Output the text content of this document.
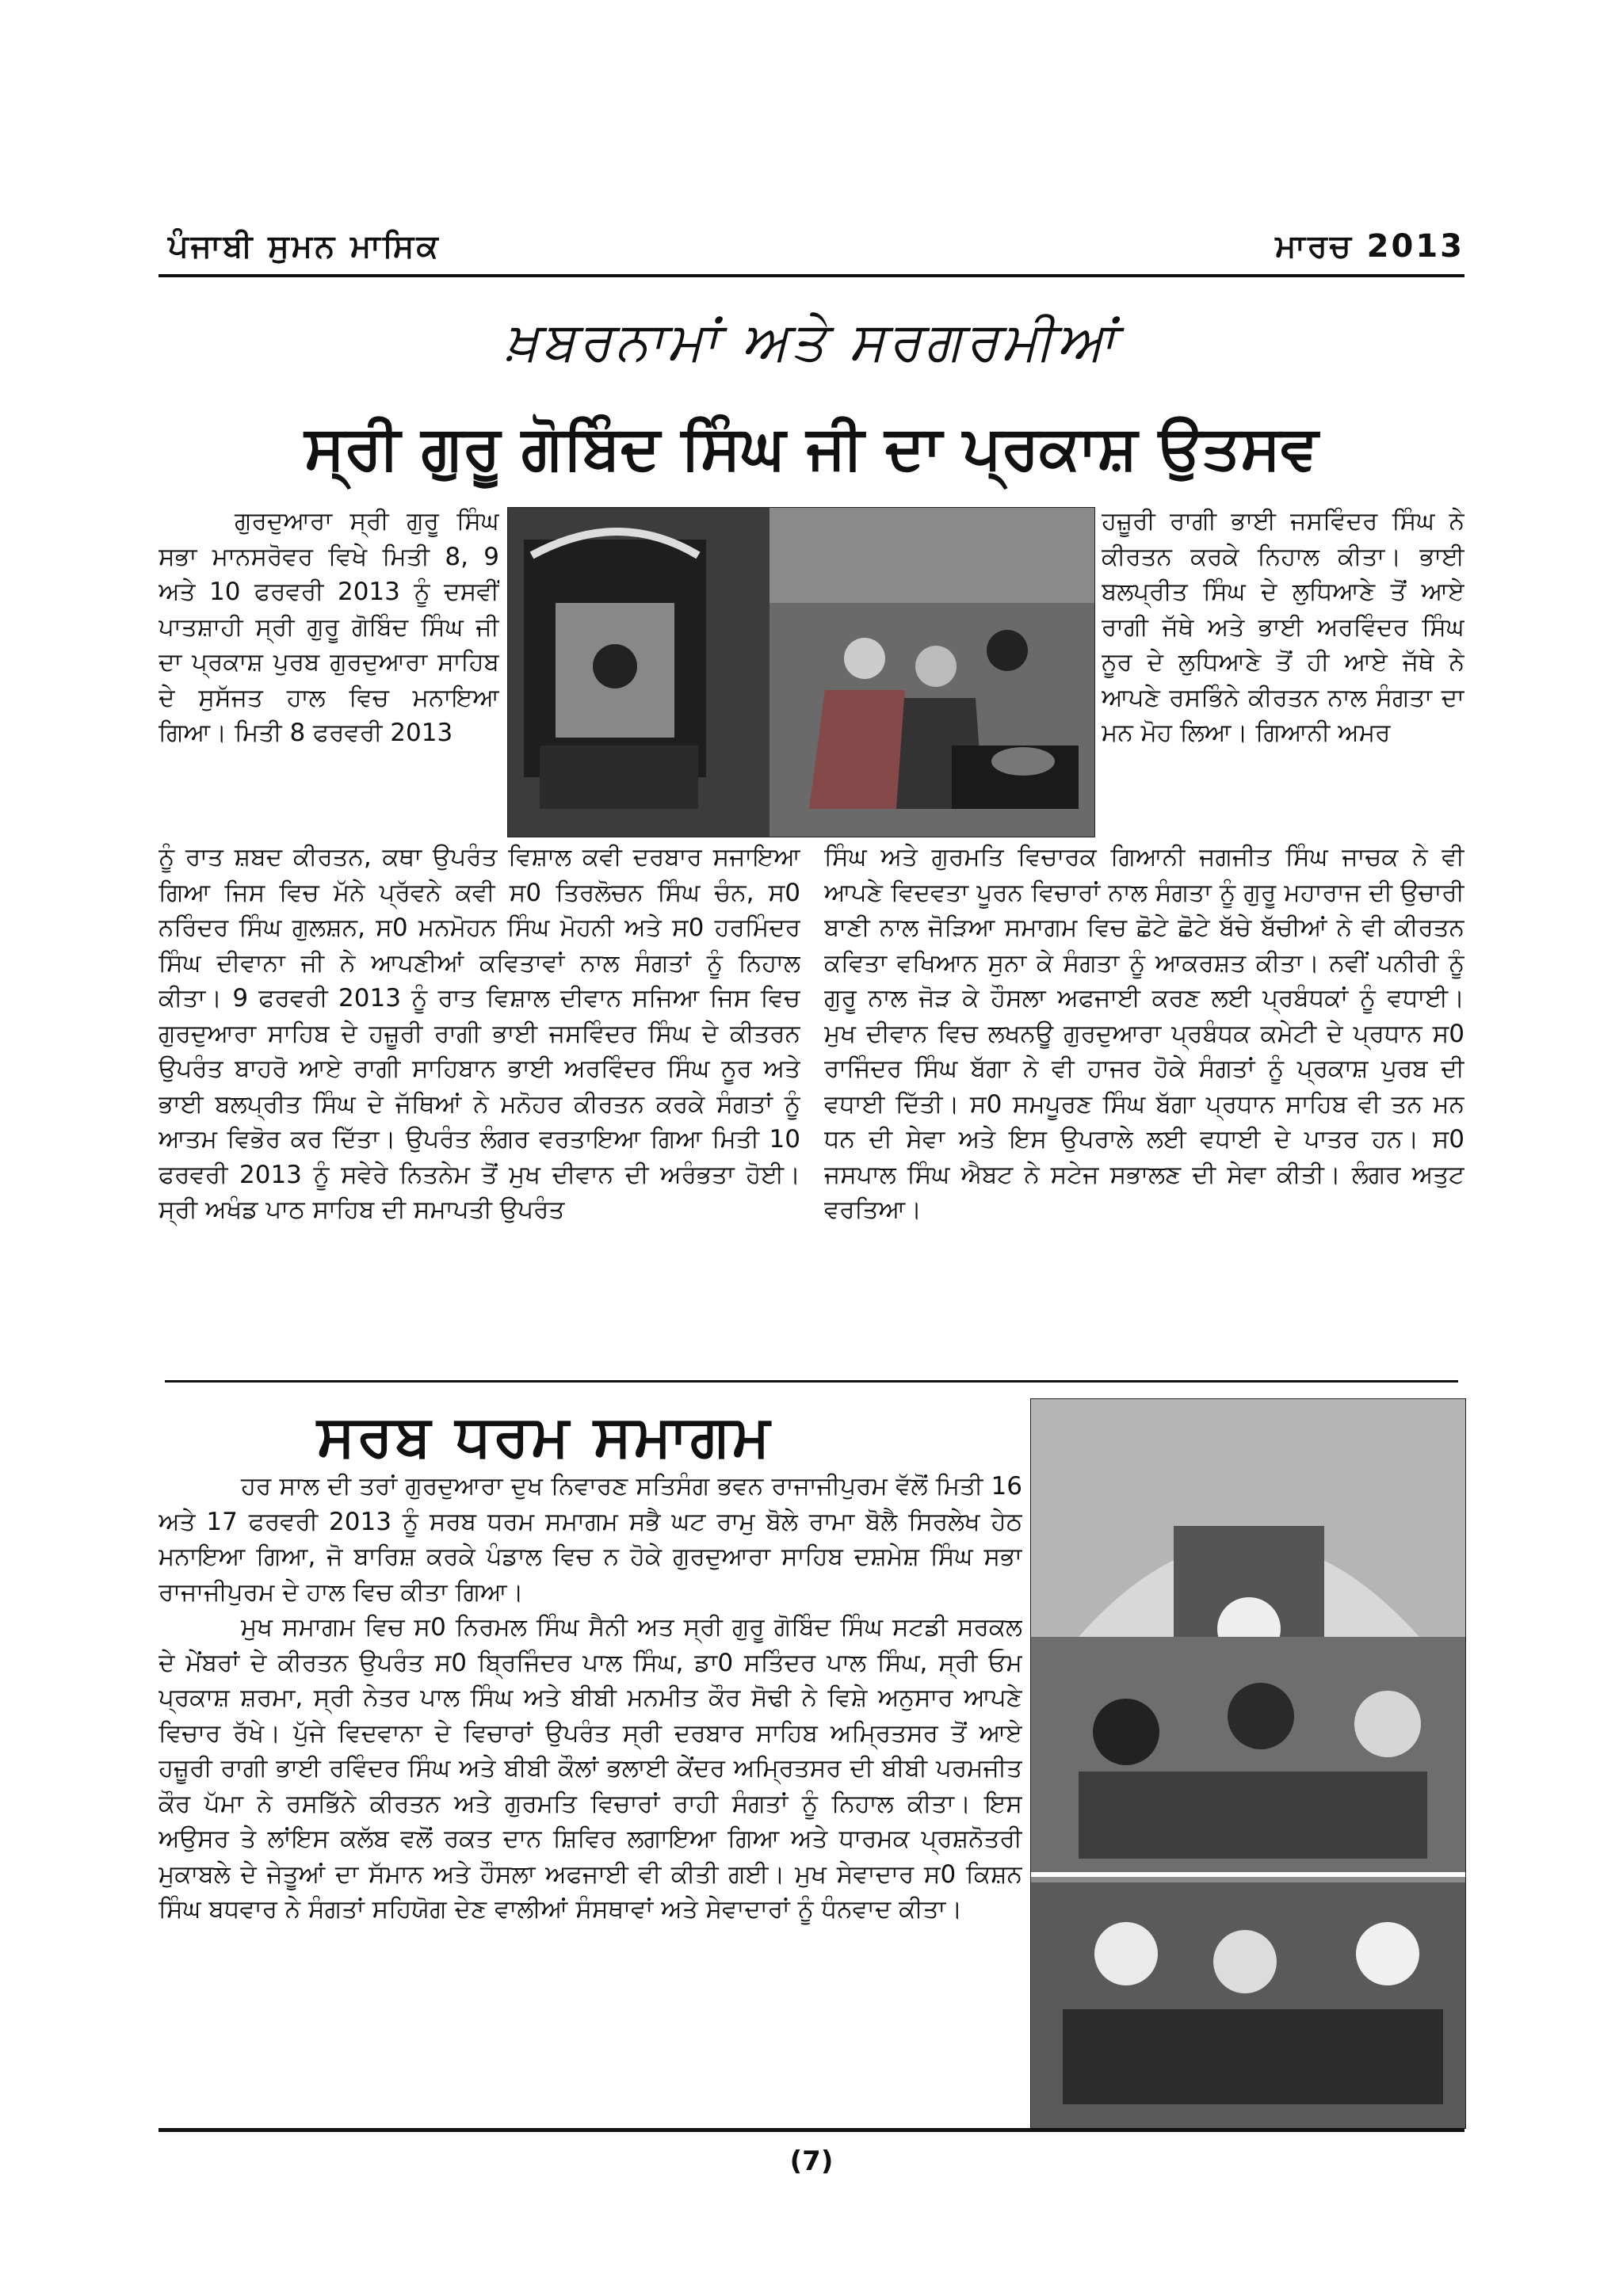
ਪੰਜਾਬੀ ਸੁਮਨ ਮਾਸਿਕ	ਮਾਰਚ 2013
ਖ਼ਬਰਨਾਮਾਂ ਅਤੇ ਸਰਗਰਮੀਆਂ
ਸ੍ਰੀ ਗੁਰੂ ਗੋਬਿੰਦ ਸਿੰਘ ਜੀ ਦਾ ਪ੍ਰਕਾਸ਼ ਉਤਸਵ

ਗੁਰਦੁਆਰਾ ਸ੍ਰੀ ਗੁਰੂ ਸਿੰਘ ਸਭਾ ਮਾਨਸਰੋਵਰ ਵਿਖੇ ਮਿਤੀ 8, 9 ਅਤੇ 10 ਫਰਵਰੀ 2013 ਨੂੰ ਦਸਵੀਂ ਪਾਤਸ਼ਾਹੀ ਸ੍ਰੀ ਗੁਰੂ ਗੋਬਿੰਦ ਸਿੰਘ ਜੀ ਦਾ ਪ੍ਰਕਾਸ਼ ਪੁਰਬ ਗੁਰਦੁਆਰਾ ਸਾਹਿਬ ਦੇ ਸੁਸੱਜਤ ਹਾਲ ਵਿਚ ਮਨਾਇਆ ਗਿਆ। ਮਿਤੀ 8 ਫਰਵਰੀ 2013

ਹਜ਼ੂਰੀ ਰਾਗੀ ਭਾਈ ਜਸਵਿੰਦਰ ਸਿੰਘ ਨੇ ਕੀਰਤਨ ਕਰਕੇ ਨਿਹਾਲ ਕੀਤਾ। ਭਾਈ ਬਲਪ੍ਰੀਤ ਸਿੰਘ ਦੇ ਲੁਧਿਆਣੇ ਤੋਂ ਆਏ ਰਾਗੀ ਜੱਥੇ ਅਤੇ ਭਾਈ ਅਰਵਿੰਦਰ ਸਿੰਘ ਨੂਰ ਦੇ ਲੁਧਿਆਣੇ ਤੋਂ ਹੀ ਆਏ ਜੱਥੇ ਨੇ ਆਪਣੇ ਰਸਭਿੰਨੇ ਕੀਰਤਨ ਨਾਲ ਸੰਗਤਾ ਦਾ ਮਨ ਮੋਹ ਲਿਆ। ਗਿਆਨੀ ਅਮਰ

ਨੂੰ ਰਾਤ ਸ਼ਬਦ ਕੀਰਤਨ, ਕਥਾ ਉਪਰੰਤ ਵਿਸ਼ਾਲ ਕਵੀ ਦਰਬਾਰ ਸਜਾਇਆ ਗਿਆ ਜਿਸ ਵਿਚ ਮੱਨੇ ਪ੍ਰੱਵਨੇ ਕਵੀ ਸ0 ਤਿਰਲੋਚਨ ਸਿੰਘ ਚੰਨ, ਸ0 ਨਰਿੰਦਰ ਸਿੰਘ ਗੁਲਸ਼ਨ, ਸ0 ਮਨਮੋਹਨ ਸਿੰਘ ਮੋਹਨੀ ਅਤੇ ਸ0 ਹਰਮਿੰਦਰ ਸਿੰਘ ਦੀਵਾਨਾ ਜੀ ਨੇ ਆਪਣੀਆਂ ਕਵਿਤਾਵਾਂ ਨਾਲ ਸੰਗਤਾਂ ਨੂੰ ਨਿਹਾਲ ਕੀਤਾ। 9 ਫਰਵਰੀ 2013 ਨੂੰ ਰਾਤ ਵਿਸ਼ਾਲ ਦੀਵਾਨ ਸਜਿਆ ਜਿਸ ਵਿਚ ਗੁਰਦੁਆਰਾ ਸਾਹਿਬ ਦੇ ਹਜ਼ੂਰੀ ਰਾਗੀ ਭਾਈ ਜਸਵਿੰਦਰ ਸਿੰਘ ਦੇ ਕੀਤਰਨ ਉਪਰੰਤ ਬਾਹਰੋ ਆਏ ਰਾਗੀ ਸਾਹਿਬਾਨ ਭਾਈ ਅਰਵਿੰਦਰ ਸਿੰਘ ਨੂਰ ਅਤੇ ਭਾਈ ਬਲਪ੍ਰੀਤ ਸਿੰਘ ਦੇ ਜੱਥਿਆਂ ਨੇ ਮਨੋਹਰ ਕੀਰਤਨ ਕਰਕੇ ਸੰਗਤਾਂ ਨੂੰ ਆਤਮ ਵਿਭੋਰ ਕਰ ਦਿੱਤਾ। ਉਪਰੰਤ ਲੰਗਰ ਵਰਤਾਇਆ ਗਿਆ ਮਿਤੀ 10 ਫਰਵਰੀ 2013 ਨੂੰ ਸਵੇਰੇ ਨਿਤਨੇਮ ਤੋਂ ਮੁਖ ਦੀਵਾਨ ਦੀ ਅਰੰਭਤਾ ਹੋਈ। ਸ੍ਰੀ ਅਖੰਡ ਪਾਠ ਸਾਹਿਬ ਦੀ ਸਮਾਪਤੀ ਉਪਰੰਤ

ਸਿੰਘ ਅਤੇ ਗੁਰਮਤਿ ਵਿਚਾਰਕ ਗਿਆਨੀ ਜਗਜੀਤ ਸਿੰਘ ਜਾਚਕ ਨੇ ਵੀ ਆਪਣੇ ਵਿਦਵਤਾ ਪੂਰਨ ਵਿਚਾਰਾਂ ਨਾਲ ਸੰਗਤਾ ਨੂੰ ਗੁਰੂ ਮਹਾਰਾਜ ਦੀ ਉਚਾਰੀ ਬਾਣੀ ਨਾਲ ਜੋੜਿਆ ਸਮਾਗਮ ਵਿਚ ਛੋਟੇ ਛੋਟੇ ਬੱਚੇ ਬੱਚੀਆਂ ਨੇ ਵੀ ਕੀਰਤਨ ਕਵਿਤਾ ਵਖਿਆਨ ਸੁਨਾ ਕੇ ਸੰਗਤਾ ਨੂੰ ਆਕਰਸ਼ਤ ਕੀਤਾ। ਨਵੀਂ ਪਨੀਰੀ ਨੂੰ ਗੁਰੂ ਨਾਲ ਜੋੜ ਕੇ ਹੌਸਲਾ ਅਫਜਾਈ ਕਰਣ ਲਈ ਪ੍ਰਬੰਧਕਾਂ ਨੂੰ ਵਧਾਈ। ਮੁਖ ਦੀਵਾਨ ਵਿਚ ਲਖਨਊ ਗੁਰਦੁਆਰਾ ਪ੍ਰਬੰਧਕ ਕਮੇਟੀ ਦੇ ਪ੍ਰਧਾਨ ਸ0 ਰਾਜਿੰਦਰ ਸਿੰਘ ਬੱਗਾ ਨੇ ਵੀ ਹਾਜਰ ਹੋਕੇ ਸੰਗਤਾਂ ਨੂੰ ਪ੍ਰਕਾਸ਼ ਪੁਰਬ ਦੀ ਵਧਾਈ ਦਿੱਤੀ। ਸ0 ਸਮਪੂਰਣ ਸਿੰਘ ਬੱਗਾ ਪ੍ਰਧਾਨ ਸਾਹਿਬ ਵੀ ਤਨ ਮਨ ਧਨ ਦੀ ਸੇਵਾ ਅਤੇ ਇਸ ਉਪਰਾਲੇ ਲਈ ਵਧਾਈ ਦੇ ਪਾਤਰ ਹਨ। ਸ0 ਜਸਪਾਲ ਸਿੰਘ ਐਬਟ ਨੇ ਸਟੇਜ ਸਭਾਲਣ ਦੀ ਸੇਵਾ ਕੀਤੀ। ਲੰਗਰ ਅਤੁਟ ਵਰਤਿਆ।

ਸਰਬ ਧਰਮ ਸਮਾਗਮ

ਹਰ ਸਾਲ ਦੀ ਤਰਾਂ ਗੁਰਦੁਆਰਾ ਦੁਖ ਨਿਵਾਰਣ ਸਤਿਸੰਗ ਭਵਨ ਰਾਜਾਜੀਪੁਰਮ ਵੱਲੋਂ ਮਿਤੀ 16 ਅਤੇ 17 ਫਰਵਰੀ 2013 ਨੂੰ ਸਰਬ ਧਰਮ ਸਮਾਗਮ ਸਭੈ ਘਟ ਰਾਮੁ ਬੋਲੇ ਰਾਮਾ ਬੋਲੈ ਸਿਰਲੇਖ ਹੇਠ ਮਨਾਇਆ ਗਿਆ, ਜੋ ਬਾਰਿਸ਼ ਕਰਕੇ ਪੰਡਾਲ ਵਿਚ ਨ ਹੋਕੇ ਗੁਰਦੁਆਰਾ ਸਾਹਿਬ ਦਸ਼ਮੇਸ਼ ਸਿੰਘ ਸਭਾ ਰਾਜਾਜੀਪੁਰਮ ਦੇ ਹਾਲ ਵਿਚ ਕੀਤਾ ਗਿਆ।

ਮੁਖ ਸਮਾਗਮ ਵਿਚ ਸ0 ਨਿਰਮਲ ਸਿੰਘ ਸੈਨੀ ਅਤ ਸ੍ਰੀ ਗੁਰੂ ਗੋਬਿੰਦ ਸਿੰਘ ਸਟਡੀ ਸਰਕਲ ਦੇ ਮੇਂਬਰਾਂ ਦੇ ਕੀਰਤਨ ਉਪਰੰਤ ਸ0 ਬ੍ਰਿਜਿੰਦਰ ਪਾਲ ਸਿੰਘ, ਡਾ0 ਸਤਿੰਦਰ ਪਾਲ ਸਿੰਘ, ਸ੍ਰੀ ਓਮ ਪ੍ਰਕਾਸ਼ ਸ਼ਰਮਾ, ਸ੍ਰੀ ਨੇਤਰ ਪਾਲ ਸਿੰਘ ਅਤੇ ਬੀਬੀ ਮਨਮੀਤ ਕੌਰ ਸੋਢੀ ਨੇ ਵਿਸ਼ੇ ਅਨੁਸਾਰ ਆਪਣੇ ਵਿਚਾਰ ਰੱਖੇ। ਪੁੱਜੇ ਵਿਦਵਾਨਾ ਦੇ ਵਿਚਾਰਾਂ ਉਪਰੰਤ ਸ੍ਰੀ ਦਰਬਾਰ ਸਾਹਿਬ ਅਮ੍ਰਿਤਸਰ ਤੋਂ ਆਏ ਹਜ਼ੂਰੀ ਰਾਗੀ ਭਾਈ ਰਵਿੰਦਰ ਸਿੰਘ ਅਤੇ ਬੀਬੀ ਕੌਲਾਂ ਭਲਾਈ ਕੇਂਦਰ ਅਮ੍ਰਿਤਸਰ ਦੀ ਬੀਬੀ ਪਰਮਜੀਤ ਕੌਰ ਪੱਮਾ ਨੇ ਰਸਭਿੱਨੇ ਕੀਰਤਨ ਅਤੇ ਗੁਰਮਤਿ ਵਿਚਾਰਾਂ ਰਾਹੀ ਸੰਗਤਾਂ ਨੂੰ ਨਿਹਾਲ ਕੀਤਾ। ਇਸ ਅਉਸਰ ਤੇ ਲਾਂਇਸ ਕਲੱਬ ਵਲੋਂ ਰਕਤ ਦਾਨ ਸ਼ਿਵਿਰ ਲਗਾਇਆ ਗਿਆ ਅਤੇ ਧਾਰਮਕ ਪ੍ਰਸ਼ਨੋਤਰੀ ਮੁਕਾਬਲੇ ਦੇ ਜੇਤੂਆਂ ਦਾ ਸੱਮਾਨ ਅਤੇ ਹੌਸਲਾ ਅਫਜਾਈ ਵੀ ਕੀਤੀ ਗਈ। ਮੁਖ ਸੇਵਾਦਾਰ ਸ0 ਕਿਸ਼ਨ ਸਿੰਘ ਬਧਵਾਰ ਨੇ ਸੰਗਤਾਂ ਸਹਿਯੋਗ ਦੇਣ ਵਾਲੀਆਂ ਸੰਸਥਾਵਾਂ ਅਤੇ ਸੇਵਾਦਾਰਾਂ ਨੂੰ ਧੰਨਵਾਦ ਕੀਤਾ।

(7)
